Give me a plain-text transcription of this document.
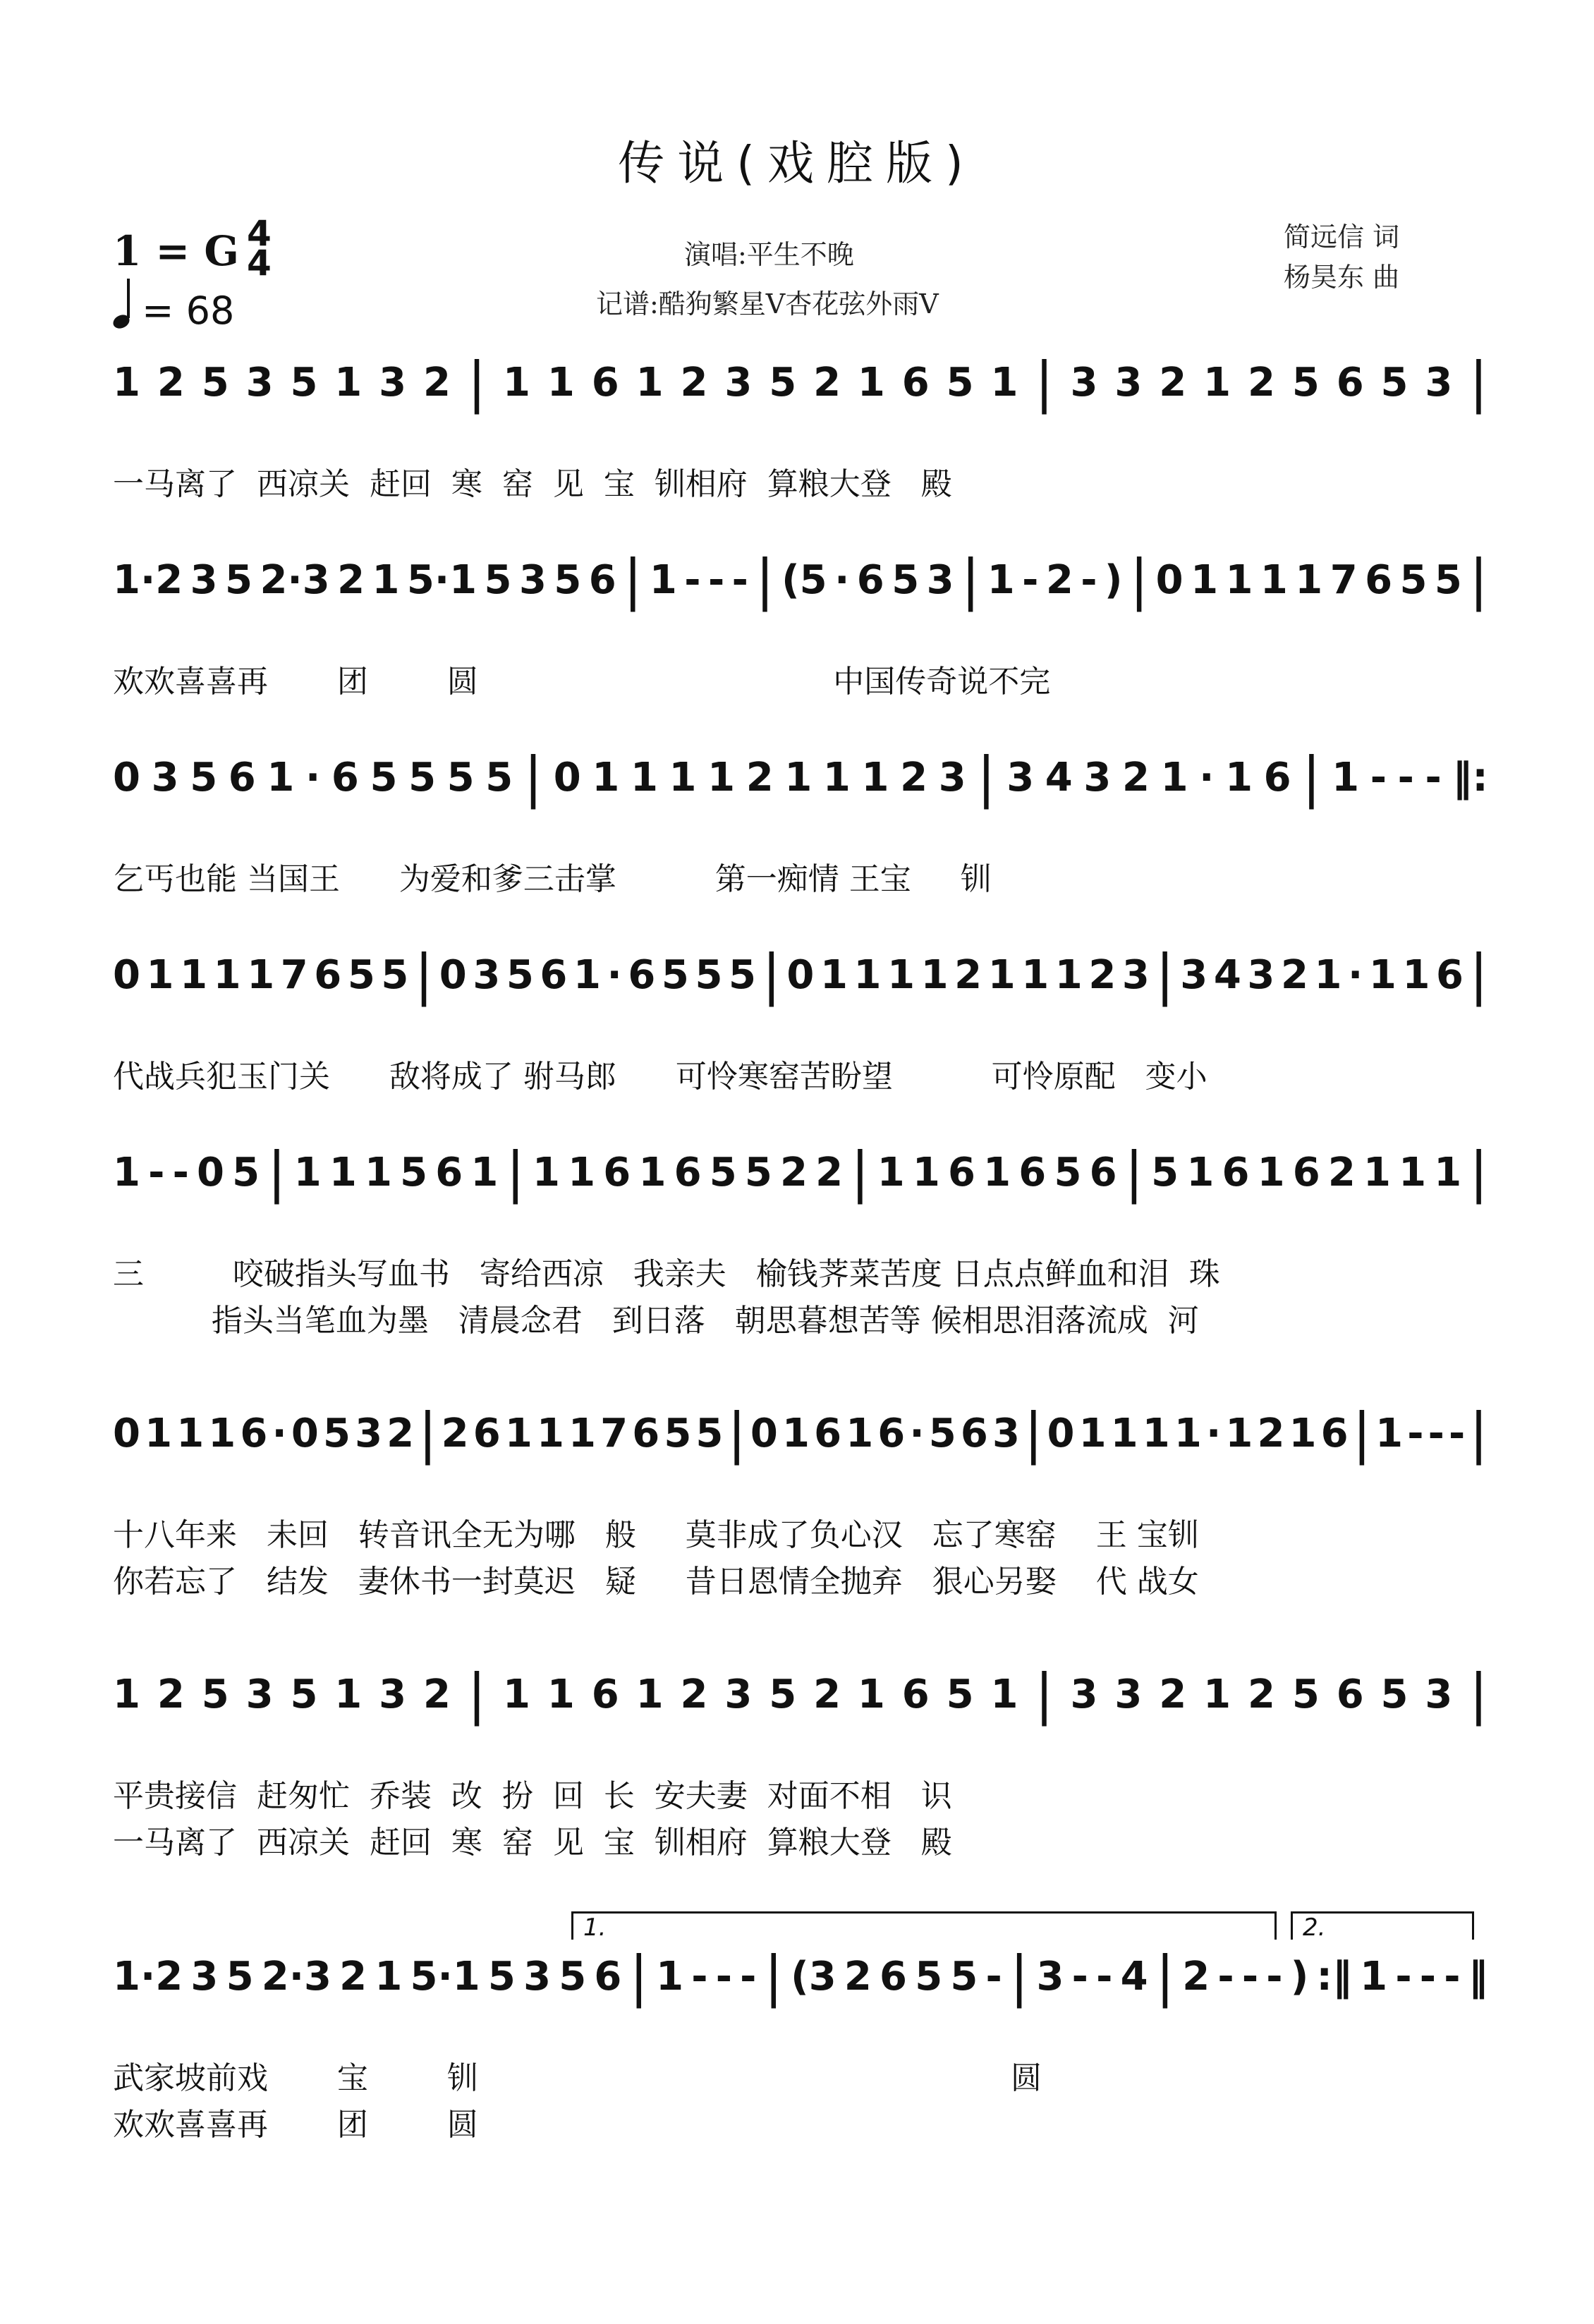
传说(戏腔版)
1 = G 4
4
= 68
演唱:平生不晚
记谱:酷狗繁星V杏花弦外雨V
简远信 词
杨昊东 曲
1 2 5 3 5 1 3 2 | 1 1 6 1 2 3 5 2 1 6 5 1 | 3 3 2 1 2 5 6 5 3 |
一马离了  西凉关  赶回  寒  窑  见  宝  钏相府  算粮大登   殿
1·2 3 5 2·3 2 1 5·1 5 3 5 6 | 1 - - - | (5 · 6 5 3 | 1 - 2 - ) | 0 1 1 1 1 7 6 5 5 |
欢欢喜喜再       团        圆                                    中国传奇说不完
0 3 5 6 1 · 6 5 5 5 5 | 0 1 1 1 1 2 1 1 1 2 3 | 3 4 3 2 1 · 1 6 | 1 - - - ‖:
乞丐也能 当国王      为爱和爹三击掌          第一痴情 王宝     钏
0 1 1 1 1 7 6 5 5 | 0 3 5 6 1 · 6 5 5 5 | 0 1 1 1 1 2 1 1 1 2 3 | 3 4 3 2 1 · 1 1 6 |
代战兵犯玉门关      敌将成了 驸马郎      可怜寒窑苦盼望          可怜原配   变小
1 - - 0 5 | 1 1 1 5 6 1 | 1 1 6 1 6 5 5 2 2 | 1 1 6 1 6 5 6 | 5 1 6 1 6 2 1 1 1 |
三         咬破指头写血书   寄给西凉   我亲夫   榆钱荠菜苦度 日点点鲜血和泪  珠
指头当笔血为墨   清晨念君   到日落   朝思暮想苦等 候相思泪落流成  河
0 1 1 1 6 · 0 5 3 2 | 2 6 1 1 1 7 6 5 5 | 0 1 6 1 6 · 5 6 3 | 0 1 1 1 1 · 1 2 1 6 | 1 - - - |
十八年来   未回   转音讯全无为哪   般     莫非成了负心汉   忘了寒窑    王 宝钏
你若忘了   结发   妻休书一封莫迟   疑     昔日恩情全抛弃   狠心另娶    代 战女
1 2 5 3 5 1 3 2 | 1 1 6 1 2 3 5 2 1 6 5 1 | 3 3 2 1 2 5 6 5 3 |
平贵接信  赶匆忙  乔装  改  扮  回  长  安夫妻  对面不相   识
一马离了  西凉关  赶回  寒  窑  见  宝  钏相府  算粮大登   殿
1·2 3 5 2·3 2 1 5·1 5 3 5 6 | 1 - - - | (3 2 6 5 5 - | 3 - - 4 | 2 - - - ) :‖ 1 - - - ‖
1.	2.
武家坡前戏       宝        钏                                                      圆
欢欢喜喜再       团        圆
